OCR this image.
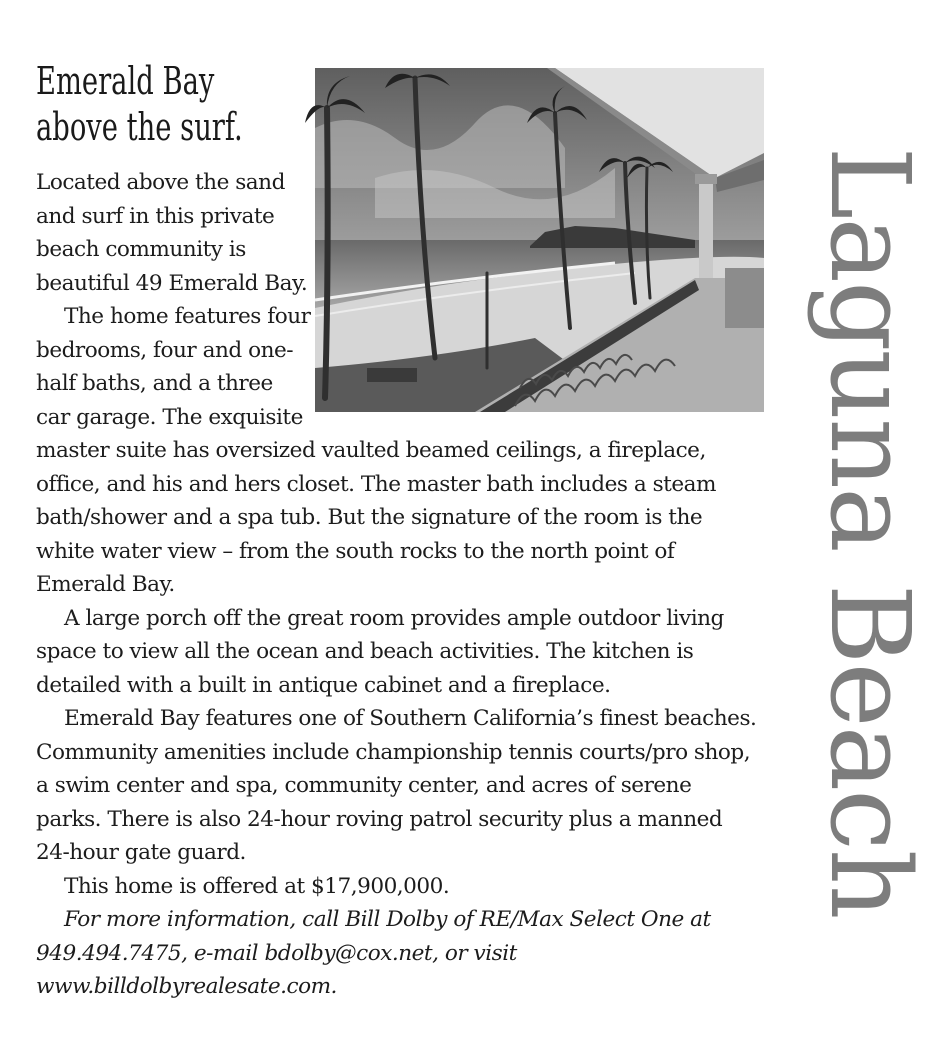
Emerald Bay
above the surf.

Located above the sand and surf in this private beach community is beautiful 49 Emerald Bay.

The home features four bedrooms, four and one-half baths, and a three car garage. The exquisite master suite has oversized vaulted beamed ceilings, a fireplace, office, and his and hers closet. The master bath includes a steam bath/shower and a spa tub. But the signature of the room is the white water view – from the south rocks to the north point of Emerald Bay.

A large porch off the great room provides ample outdoor living space to view all the ocean and beach activities. The kitchen is detailed with a built in antique cabinet and a fireplace.

Emerald Bay features one of Southern California’s finest beaches. Community amenities include championship tennis courts/pro shop, a swim center and spa, community center, and acres of serene parks. There is also 24-hour roving patrol security plus a manned 24-hour gate guard.

This home is offered at $17,900,000.

For more information, call Bill Dolby of RE/Max Select One at 949.494.7475, e-mail bdolby@cox.net, or visit www.billdolbyrealesate.com.

Laguna Beach
